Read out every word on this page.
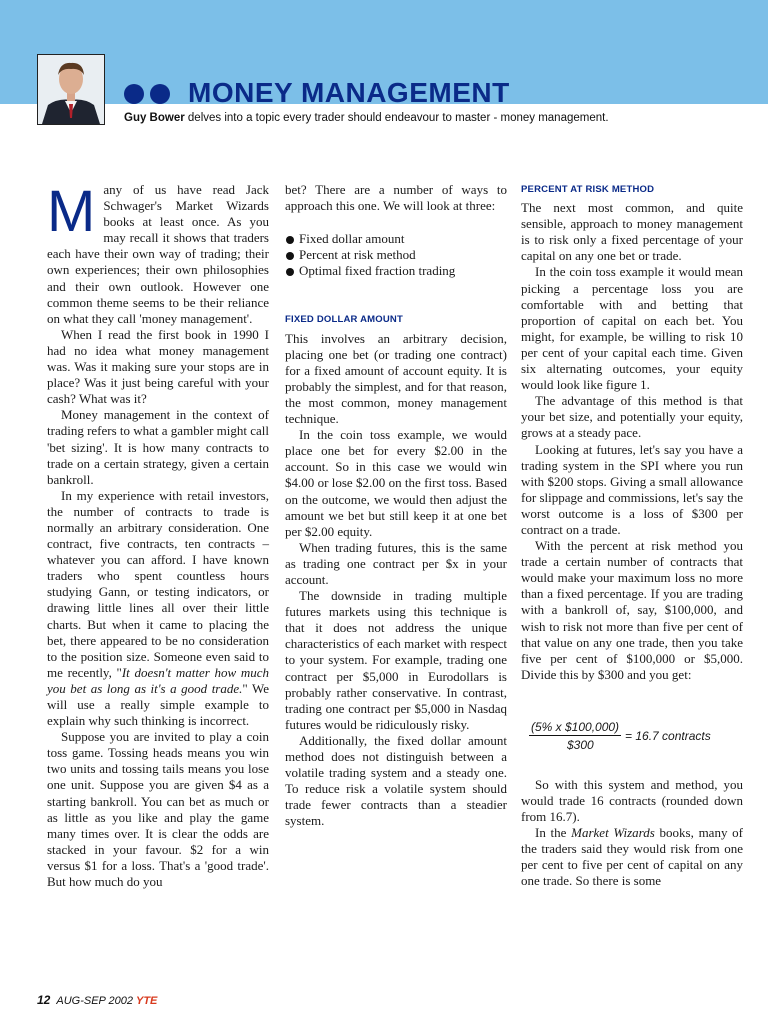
MONEY MANAGEMENT
Guy Bower delves into a topic every trader should endeavour to master - money management.
M any of us have read Jack Schwager's Market Wizards books at least once. As you may recall it shows that traders each have their own way of trading; their own experiences; their own philosophies and their own outlook. However one common theme seems to be their reliance on what they call 'money management'.

When I read the first book in 1990 I had no idea what money management was. Was it making sure your stops are in place? Was it just being careful with your cash? What was it?

Money management in the context of trading refers to what a gambler might call 'bet sizing'. It is how many contracts to trade on a certain strategy, given a certain bankroll.

In my experience with retail investors, the number of contracts to trade is normally an arbitrary consideration. One contract, five contracts, ten contracts – whatever you can afford. I have known traders who spent countless hours studying Gann, or testing indicators, or drawing little lines all over their little charts. But when it came to placing the bet, there appeared to be no consideration to the position size. Someone even said to me recently, "It doesn't matter how much you bet as long as it's a good trade." We will use a really simple example to explain why such thinking is incorrect.

Suppose you are invited to play a coin toss game. Tossing heads means you win two units and tossing tails means you lose one unit. Suppose you are given $4 as a starting bankroll. You can bet as much or as little as you like and play the game many times over. It is clear the odds are stacked in your favour. $2 for a win versus $1 for a loss. That's a 'good trade'. But how much do you

bet? There are a number of ways to approach this one. We will look at three:

Fixed dollar amount
Percent at risk method
Optimal fixed fraction trading
FIXED DOLLAR AMOUNT

This involves an arbitrary decision, placing one bet (or trading one contract) for a fixed amount of account equity. It is probably the simplest, and for that reason, the most common, money management technique.

In the coin toss example, we would place one bet for every $2.00 in the account. So in this case we would win $4.00 or lose $2.00 on the first toss. Based on the outcome, we would then adjust the amount we bet but still keep it at one bet per $2.00 equity.

When trading futures, this is the same as trading one contract per $x in your account.

The downside in trading multiple futures markets using this technique is that it does not address the unique characteristics of each market with respect to your system. For example, trading one contract per $5,000 in Eurodollars is probably rather conservative. In contrast, trading one contract per $5,000 in Nasdaq futures would be ridiculously risky.

Additionally, the fixed dollar amount method does not distinguish between a volatile trading system and a steady one. To reduce risk a volatile system should trade fewer contracts than a steadier system.

PERCENT AT RISK METHOD

The next most common, and quite sensible, approach to money management is to risk only a fixed percentage of your capital on any one bet or trade.

In the coin toss example it would mean picking a percentage loss you are comfortable with and betting that proportion of capital on each bet. You might, for example, be willing to risk 10 per cent of your capital each time. Given six alternating outcomes, your equity would look like figure 1.

The advantage of this method is that your bet size, and potentially your equity, grows at a steady pace.

Looking at futures, let's say you have a trading system in the SPI where you run with $200 stops. Giving a small allowance for slippage and commissions, let's say the worst outcome is a loss of $300 per contract on a trade.

With the percent at risk method you trade a certain number of contracts that would make your maximum loss no more than a fixed percentage. If you are trading with a bankroll of, say, $100,000, and wish to risk not more than five per cent of that value on any one trade, then you take five per cent of $100,000 or $5,000. Divide this by $300 and you get:

(5% x $100,000)
$300
= 16.7 contracts

So with this system and method, you would trade 16 contracts (rounded down from 16.7).

In the Market Wizards books, many of the traders said they would risk from one per cent to five per cent of capital on any one trade. So there is some

12 AUG-SEP 2002 YTE
